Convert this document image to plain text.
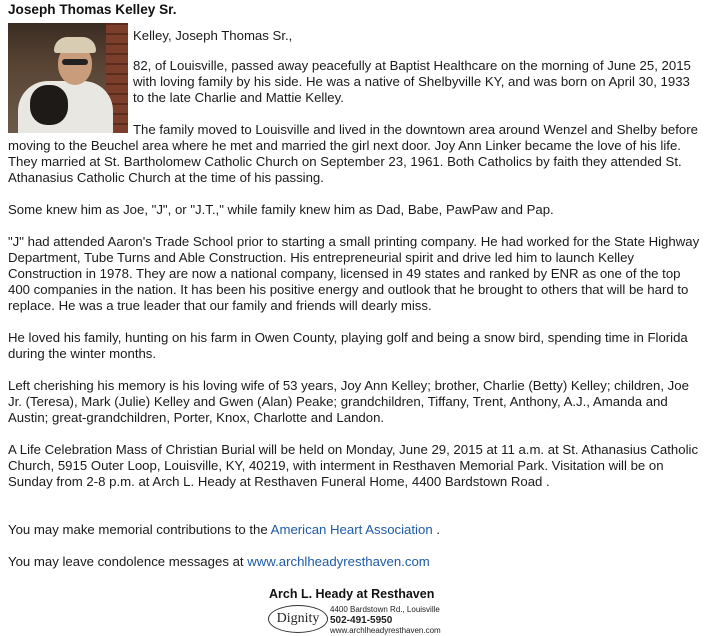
Joseph Thomas Kelley Sr.
Kelley, Joseph Thomas Sr.,
82, of Louisville, passed away peacefully at Baptist Healthcare on the morning of June 25, 2015 with loving family by his side. He was a native of Shelbyville KY, and was born on April 30, 1933 to the late Charlie and Mattie Kelley.
The family moved to Louisville and lived in the downtown area around Wenzel and Shelby before moving to the Beuchel area where he met and married the girl next door. Joy Ann Linker became the love of his life. They married at St. Bartholomew Catholic Church on September 23, 1961. Both Catholics by faith they attended St. Athanasius Catholic Church at the time of his passing.
Some knew him as Joe, "J", or "J.T.," while family knew him as Dad, Babe, PawPaw and Pap.
"J" had attended Aaron's Trade School prior to starting a small printing company. He had worked for the State Highway Department, Tube Turns and Able Construction. His entrepreneurial spirit and drive led him to launch Kelley Construction in 1978. They are now a national company, licensed in 49 states and ranked by ENR as one of the top 400 companies in the nation. It has been his positive energy and outlook that he brought to others that will be hard to replace. He was a true leader that our family and friends will dearly miss.
He loved his family, hunting on his farm in Owen County, playing golf and being a snow bird, spending time in Florida during the winter months.
Left cherishing his memory is his loving wife of 53 years, Joy Ann Kelley; brother, Charlie (Betty) Kelley; children, Joe Jr. (Teresa), Mark (Julie) Kelley and Gwen (Alan) Peake; grandchildren, Tiffany, Trent, Anthony, A.J., Amanda and Austin; great-grandchildren, Porter, Knox, Charlotte and Landon.
A Life Celebration Mass of Christian Burial will be held on Monday, June 29, 2015 at 11 a.m. at St. Athanasius Catholic Church, 5915 Outer Loop, Louisville, KY, 40219, with interment in Resthaven Memorial Park. Visitation will be on Sunday from 2-8 p.m. at Arch L. Heady at Resthaven Funeral Home, 4400 Bardstown Road .
You may make memorial contributions to the American Heart Association .
You may leave condolence messages at www.archlheadyresthaven.com
Arch L. Heady at Resthaven
Dignity
4400 Bardstown Rd., Louisville
502-491-5950
www.archlheadyresthaven.com
